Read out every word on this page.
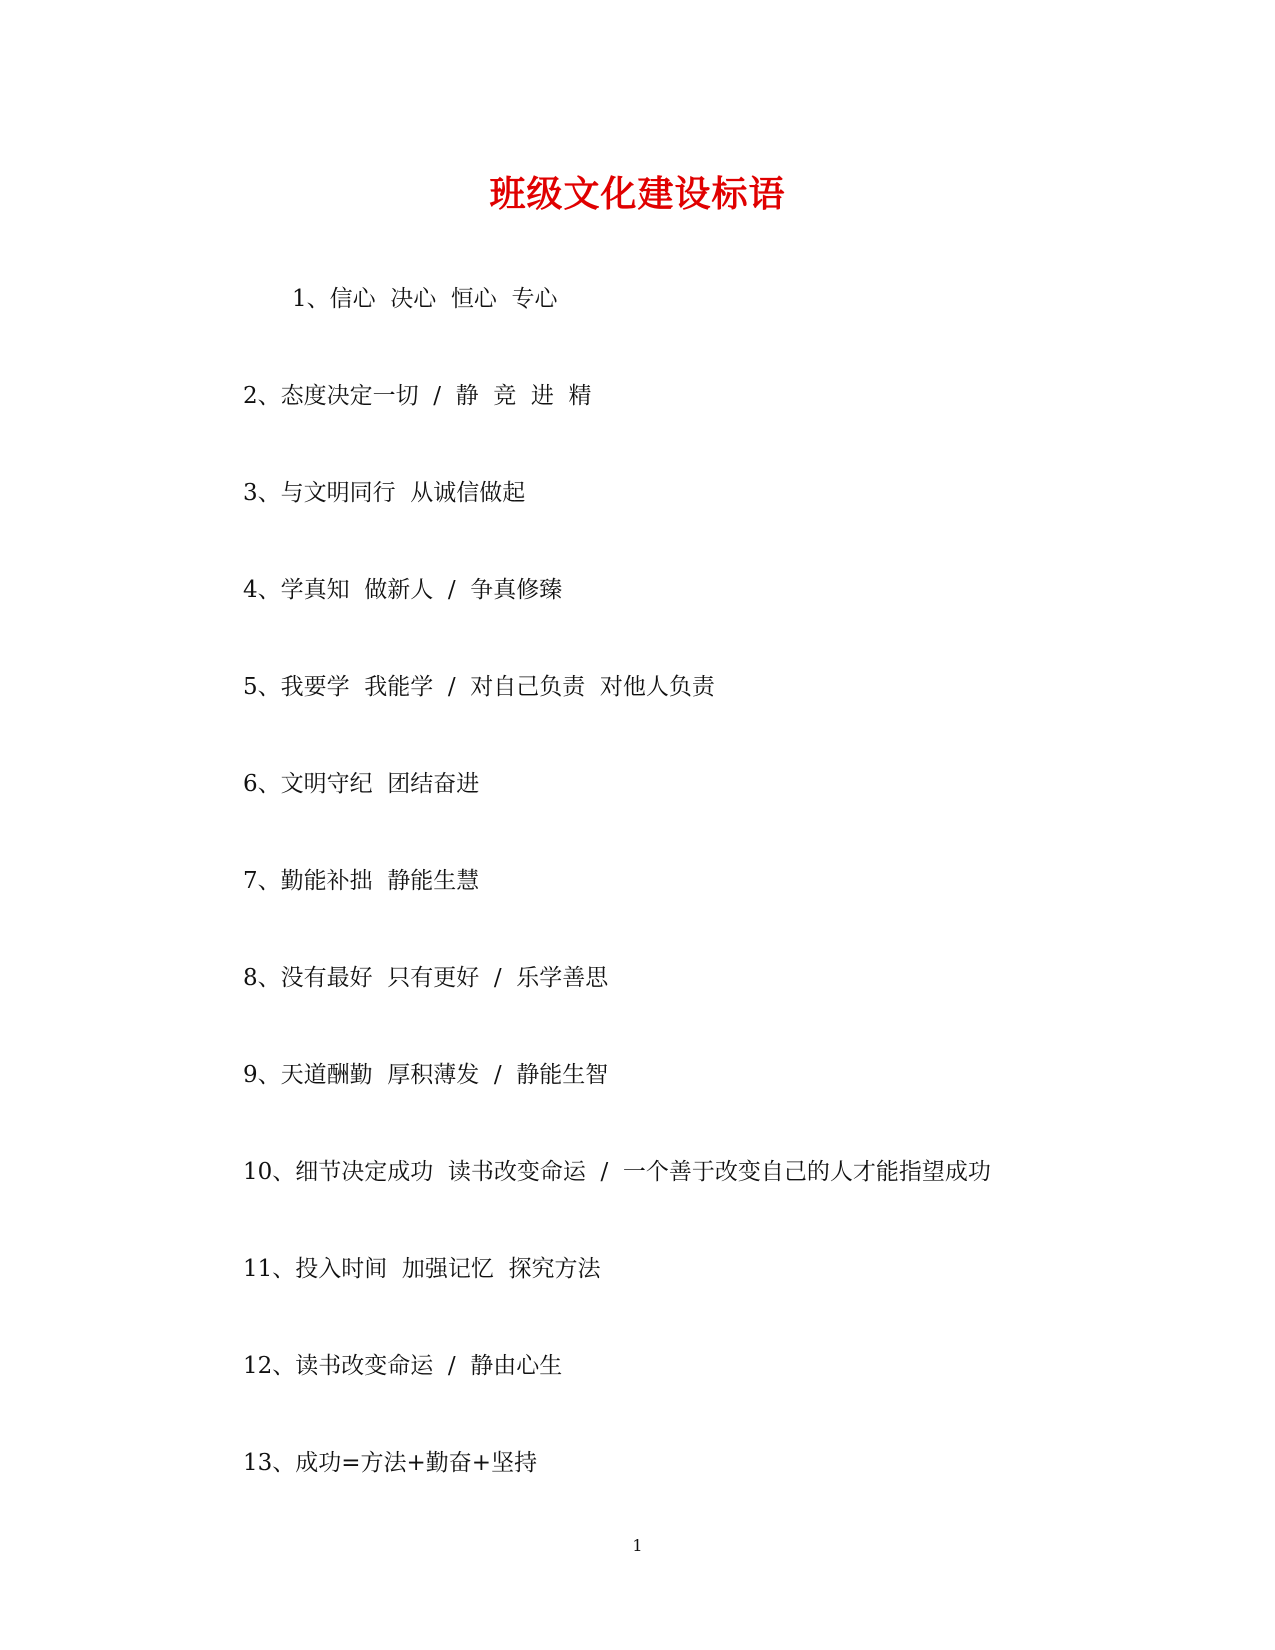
班级文化建设标语
1、信心  决心  恒心  专心
2、态度决定一切  /  静  竞  进  精
3、与文明同行  从诚信做起
4、学真知  做新人  /  争真修臻
5、我要学  我能学  /  对自己负责  对他人负责
6、文明守纪  团结奋进
7、勤能补拙  静能生慧
8、没有最好  只有更好  /  乐学善思
9、天道酬勤  厚积薄发  /  静能生智
10、细节决定成功  读书改变命运  /  一个善于改变自己的人才能指望成功
11、投入时间  加强记忆  探究方法
12、读书改变命运  /  静由心生
13、成功=方法+勤奋+坚持
1
